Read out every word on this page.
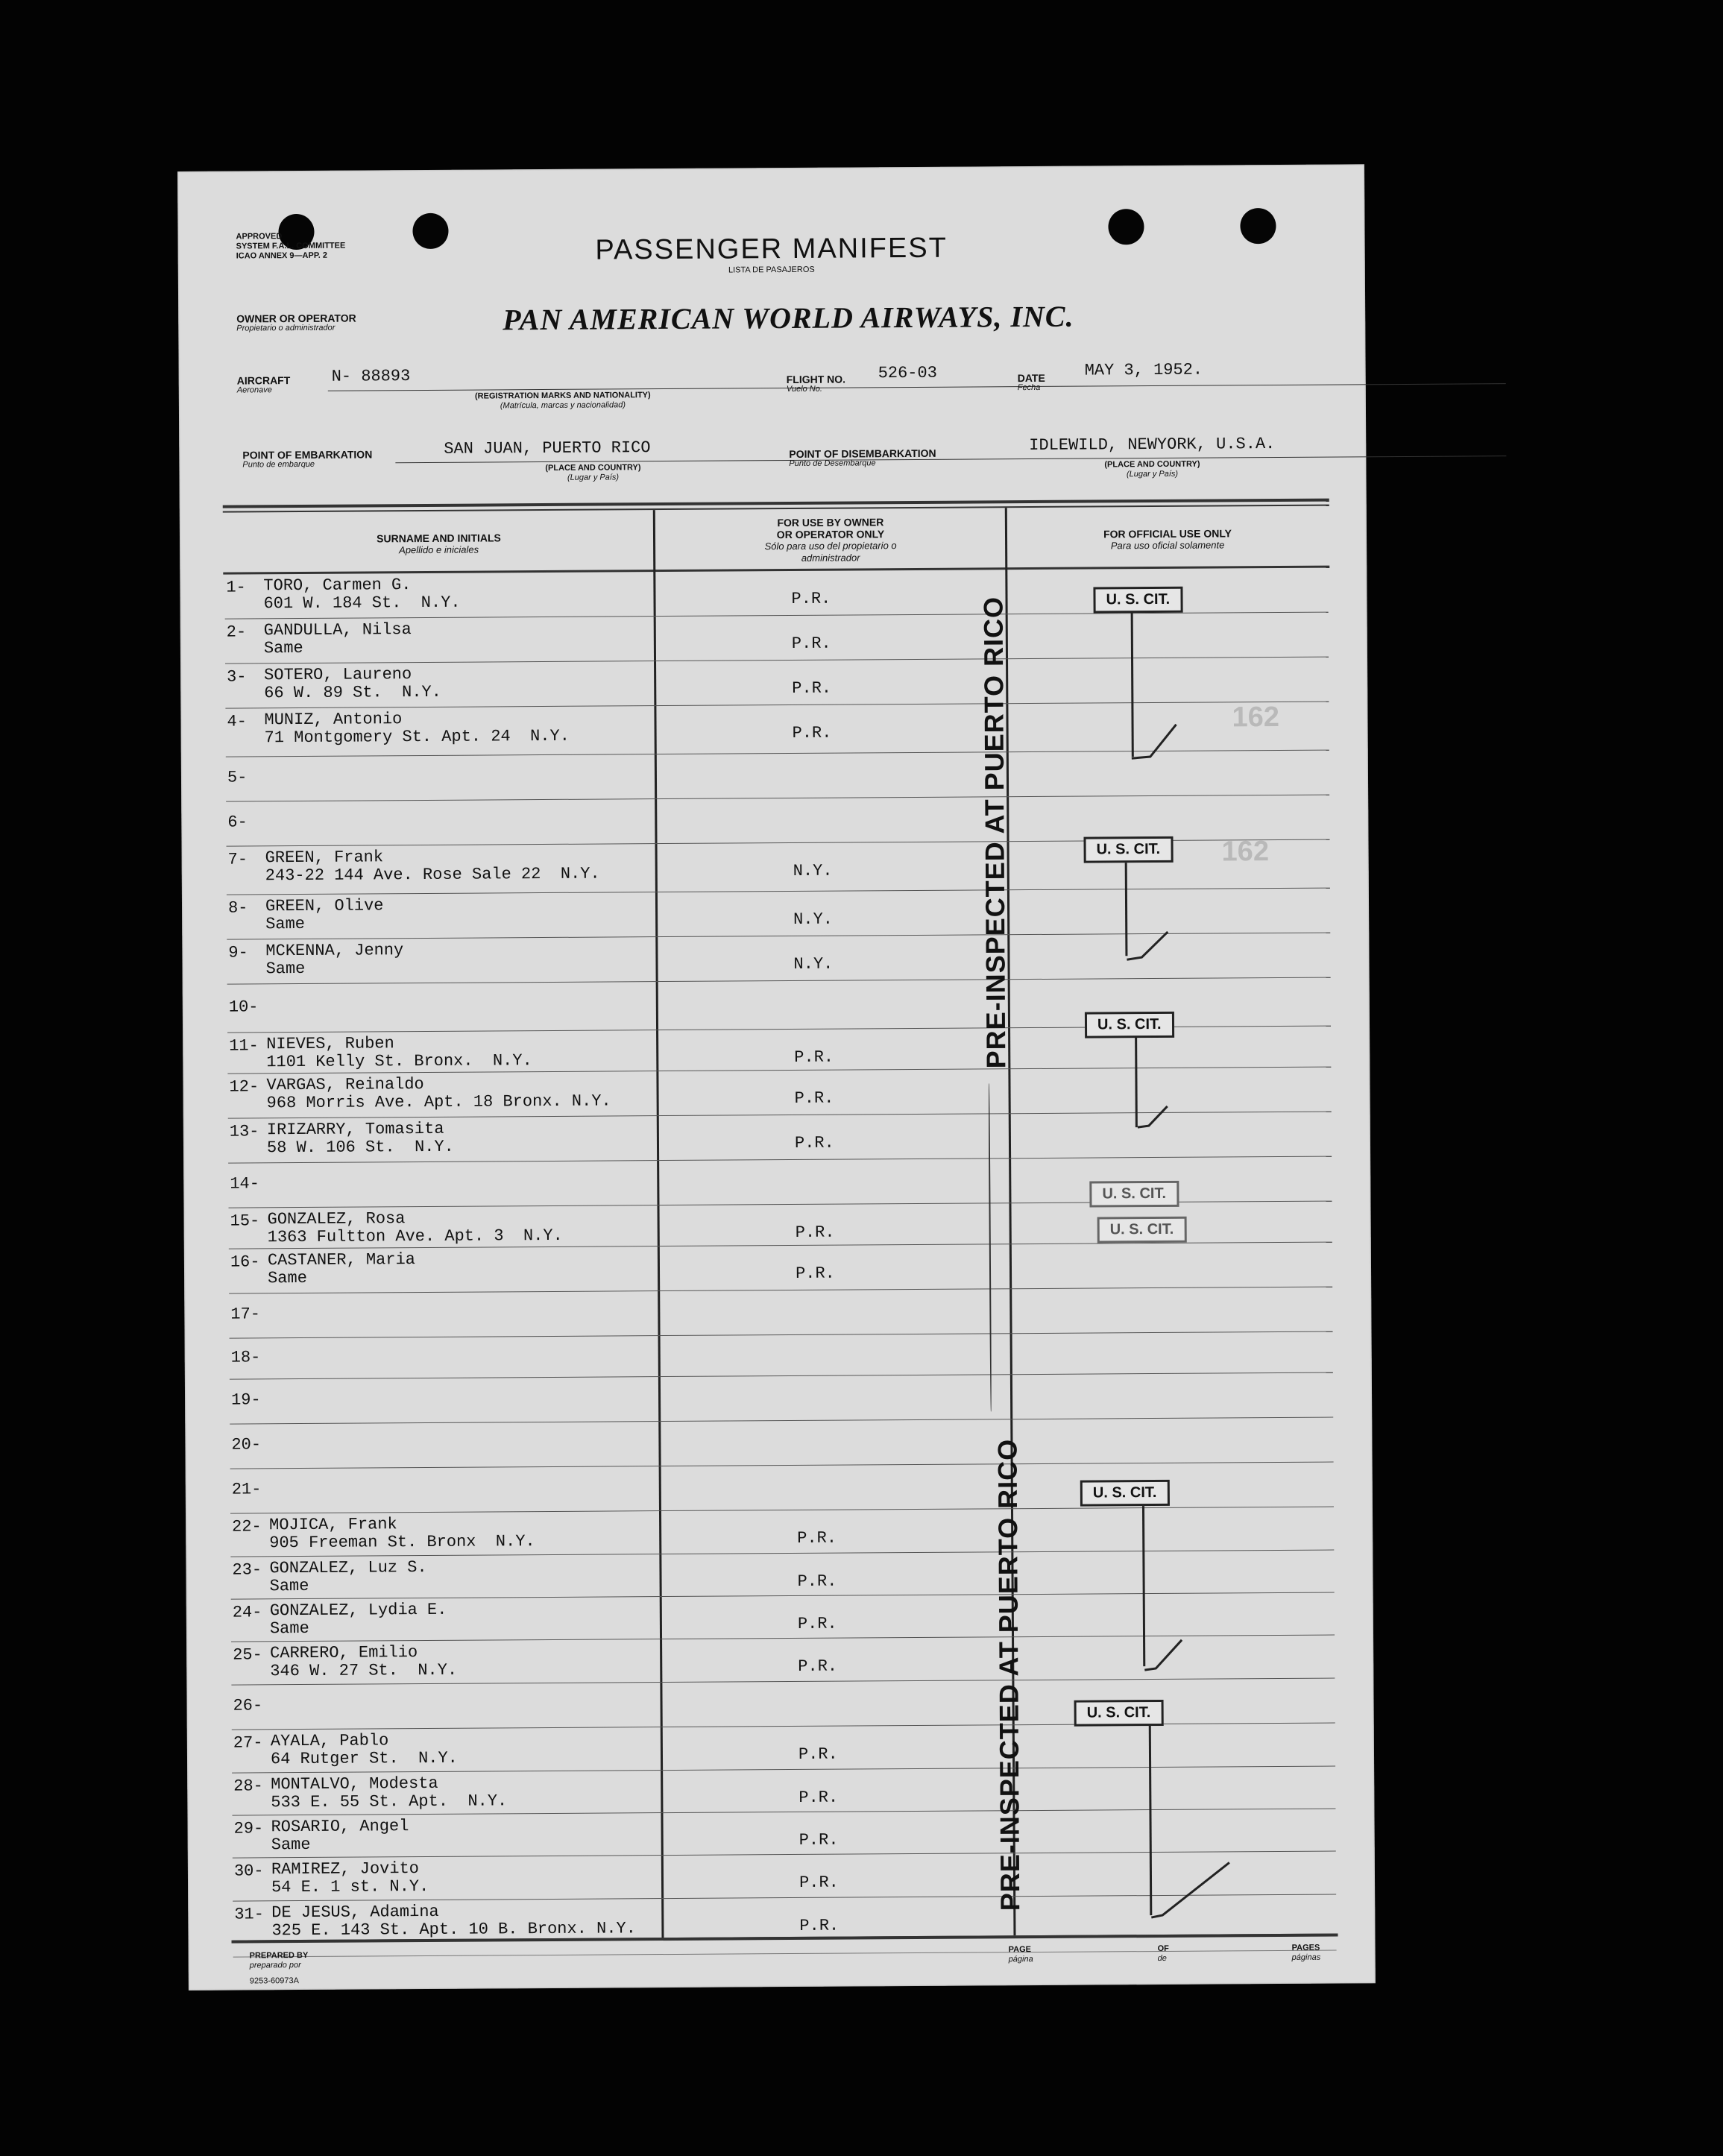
APPROVED
SYSTEM F.A.L. COMMITTEE
ICAO ANNEX 9—APP. 2	PASSENGER MANIFEST
LISTA DE PASAJEROS
OWNER OR OPERATOR
Propietario o administrador	PAN AMERICAN WORLD AIRWAYS, INC.
AIRCRAFT
Aeronave
N- 88893
(REGISTRATION MARKS AND NATIONALITY)
(Matrícula, marcas y nacionalidad)
FLIGHT NO.
Vuelo No.
526-03	DATE
Fecha
MAY 3, 1952.
POINT OF EMBARKATION
Punto de embarque
SAN JUAN, PUERTO RICO
(PLACE AND COUNTRY)
(Lugar y País)
POINT OF DISEMBARKATION
Punto de Desembarque
IDLEWILD, NEWYORK, U.S.A.
(PLACE AND COUNTRY)
(Lugar y País)
SURNAME AND INITIALS
Apellido e iniciales
FOR USE BY OWNER
OR OPERATOR ONLY
Sólo para uso del propietario o administrador
FOR OFFICIAL USE ONLY
Para uso oficial solamente
1- TORO, Carmen G.
601 W. 184 St.  N.Y.	P.R.
2- GANDULLA, Nilsa
Same	P.R.
3- SOTERO, Laureno
66 W. 89 St.  N.Y.	P.R.
4- MUNIZ, Antonio
71 Montgomery St. Apt. 24  N.Y.	P.R.
5-
6-
7- GREEN, Frank
243-22 144 Ave. Rose Sale 22  N.Y.	N.Y.
8- GREEN, Olive
Same	N.Y.
9- MCKENNA, Jenny
Same	N.Y.
10-
11- NIEVES, Ruben
1101 Kelly St. Bronx.  N.Y.	P.R.
12- VARGAS, Reinaldo
968 Morris Ave. Apt. 18 Bronx. N.Y.	P.R.
13- IRIZARRY, Tomasita
58 W. 106 St.  N.Y.	P.R.
14-
15- GONZALEZ, Rosa
1363 Fultton Ave. Apt. 3  N.Y.	P.R.
16- CASTANER, Maria
Same	P.R.
17-
18-
19-
20-
21-
22- MOJICA, Frank
905 Freeman St. Bronx  N.Y.	P.R.
23- GONZALEZ, Luz S.
Same	P.R.
24- GONZALEZ, Lydia E.
Same	P.R.
25- CARRERO, Emilio
346 W. 27 St.  N.Y.	P.R.
26-
27- AYALA, Pablo
64 Rutger St.  N.Y.	P.R.
28- MONTALVO, Modesta
533 E. 55 St. Apt.  N.Y.	P.R.
29- ROSARIO, Angel
Same	P.R.
30- RAMIREZ, Jovito
54 E. 1 st. N.Y.	P.R.
31- DE JESUS, Adamina
325 E. 143 St. Apt. 10 B. Bronx. N.Y.	P.R.
U. S. CIT.
162
U. S. CIT.	162
U. S. CIT.
U. S. CIT.
U. S. CIT.
U. S. CIT.
U. S. CIT.
PRE-INSPECTED AT PUERTO RICO
PRE-INSPECTED AT PUERTO RICO
PREPARED BY
preparado por
PAGE
página
OF
de
PAGES
páginas
9253-60973A
